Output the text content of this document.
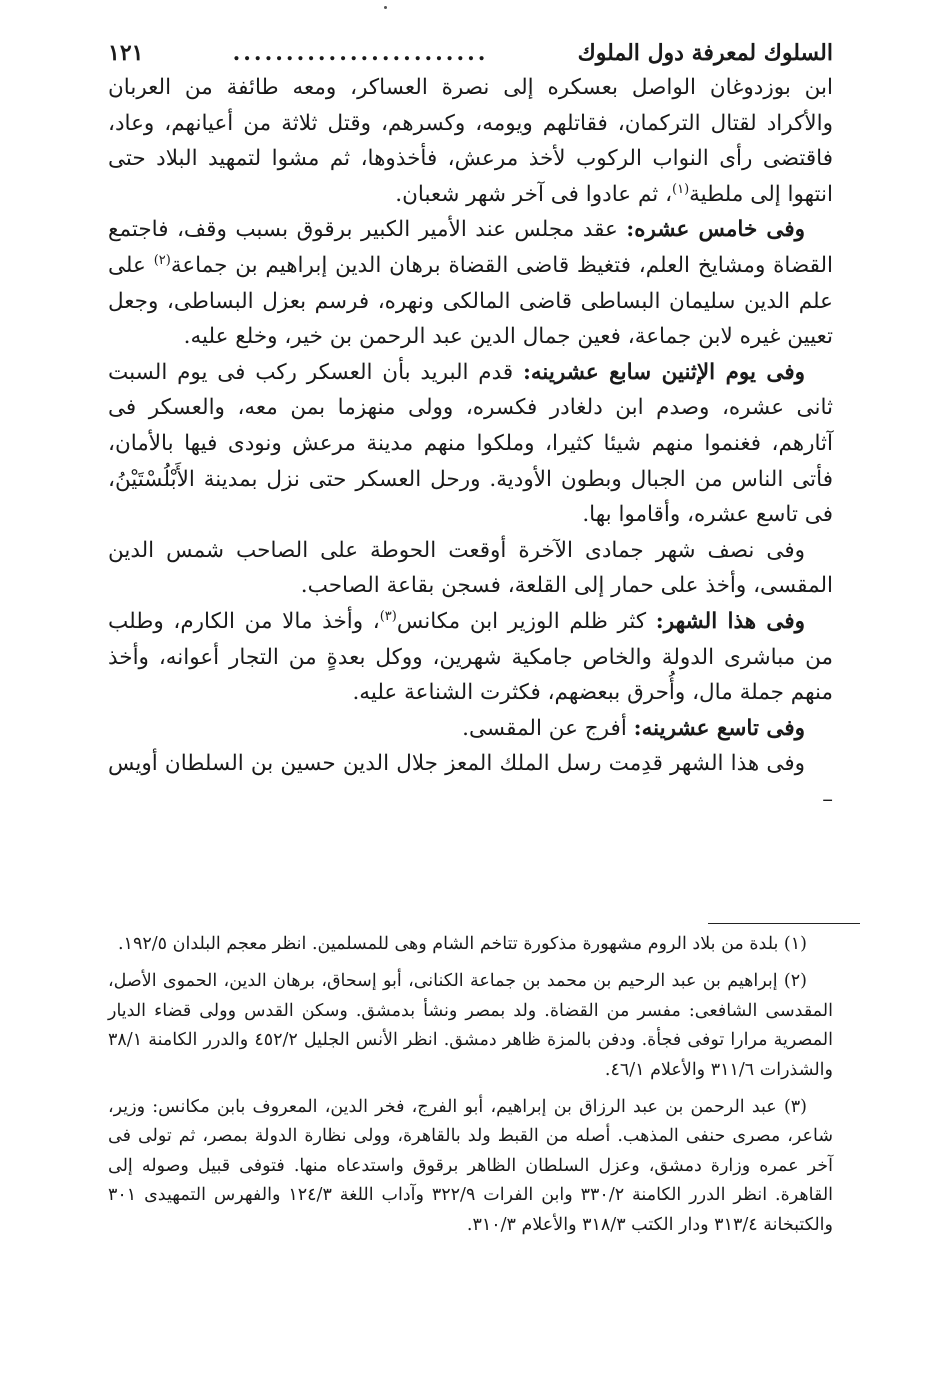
السلوك لمعرفة دول الملوك
........................
١٢١

ابن بوزدوغان الواصل بعسكره إلى نصرة العساكر، ومعه طائفة من العربان والأكراد لقتال التركمان، فقاتلهم ويومه، وكسرهم، وقتل ثلاثة من أعيانهم، وعاد، فاقتضى رأى النواب الركوب لأخذ مرعش، فأخذوها، ثم مشوا لتمهيد البلاد حتى انتهوا إلى ملطية$^{(١)}$، ثم عادوا فى آخر شهر شعبان.

وفى خامس عشره: عقد مجلس عند الأمير الكبير برقوق بسبب وقف، فاجتمع القضاة ومشايخ العلم، فتغيظ قاضى القضاة برهان الدين إبراهيم بن جماعة$^{(٢)}$ على علم الدين سليمان البساطى قاضى المالكى ونهره، فرسم بعزل البساطى، وجعل تعيين غيره لابن جماعة، فعين جمال الدين عبد الرحمن بن خير، وخلع عليه.

وفى يوم الإثنين سابع عشرينه: قدم البريد بأن العسكر ركب فى يوم السبت ثانى عشره، وصدم ابن دلغادر فكسره، وولى منهزما بمن معه، والعسكر فى آثارهم، فغنموا منهم شيئا كثيرا، وملكوا منهم مدينة مرعش ونودى فيها بالأمان، فأتى الناس من الجبال وبطون الأودية. ورحل العسكر حتى نزل بمدينة الأَبْلُسْتَيْنُ، فى تاسع عشره، وأقاموا بها.

وفى نصف شهر جمادى الآخرة أوقعت الحوطة على الصاحب شمس الدين المقسى، وأخذ على حمار إلى القلعة، فسجن بقاعة الصاحب.

وفى هذا الشهر: كثر ظلم الوزير ابن مكانس$^{(٣)}$، وأخذ مالا من الكارم، وطلب من مباشرى الدولة والخاص جامكية شهرين، ووكل بعدةٍ من التجار أعوانه، وأخذ منهم جملة مال، وأُحرق ببعضهم، فكثرت الشناعة عليه.

وفى تاسع عشرينه: أفرج عن المقسى.

وفى هذا الشهر قدِمت رسل الملك المعز جلال الدين حسين بن السلطان أويس –

(١) بلدة من بلاد الروم مشهورة مذكورة تتاخم الشام وهى للمسلمين. انظر معجم البلدان ١٩٢/٥.

(٢) إبراهيم بن عبد الرحيم بن محمد بن جماعة الكنانى، أبو إسحاق، برهان الدين، الحموى الأصل، المقدسى الشافعى: مفسر من القضاة. ولد بمصر ونشأ بدمشق. وسكن القدس وولى قضاء الديار المصرية مرارا توفى فجأة. ودفن بالمزة ظاهر دمشق. انظر الأنس الجليل ٤٥٢/٢ والدرر الكامنة ٣٨/١ والشذرات ٣١١/٦ والأعلام ٤٦/١.

(٣) عبد الرحمن بن عبد الرزاق بن إبراهيم، أبو الفرج، فخر الدين، المعروف بابن مكانس: وزير، شاعر، مصرى حنفى المذهب. أصله من القبط ولد بالقاهرة، وولى نظارة الدولة بمصر، ثم تولى فى آخر عمره وزارة دمشق، وعزل السلطان الظاهر برقوق واستدعاه منها. فتوفى قبيل وصوله إلى القاهرة. انظر الدرر الكامنة ٣٣٠/٢ وابن الفرات ٣٢٢/٩ وآداب اللغة ١٢٤/٣ والفهرس التمهيدى ٣٠١ والكتبخانة ٣١٣/٤ ودار الكتب ٣١٨/٣ والأعلام ٣١٠/٣.
